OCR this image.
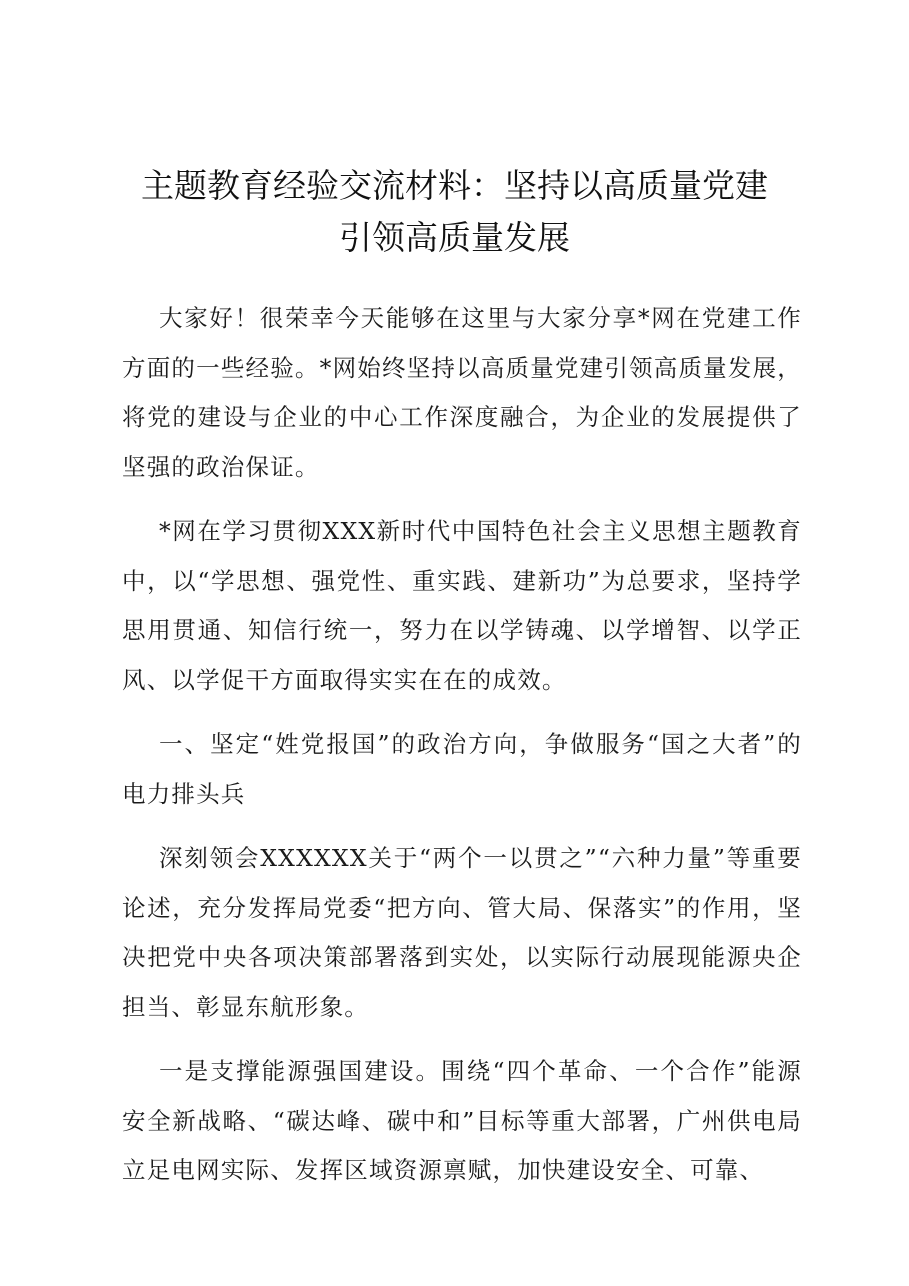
主题教育经验交流材料：坚持以高质量党建
引领高质量发展

大家好！很荣幸今天能够在这里与大家分享*网在党建工作方面的一些经验。*网始终坚持以高质量党建引领高质量发展，将党的建设与企业的中心工作深度融合，为企业的发展提供了坚强的政治保证。

*网在学习贯彻XXX新时代中国特色社会主义思想主题教育中，以“学思想、强党性、重实践、建新功”为总要求，坚持学思用贯通、知信行统一，努力在以学铸魂、以学增智、以学正风、以学促干方面取得实实在在的成效。

一、坚定“姓党报国”的政治方向，争做服务“国之大者”的电力排头兵

深刻领会XXXXXX关于“两个一以贯之”“六种力量”等重要论述，充分发挥局党委“把方向、管大局、保落实”的作用，坚决把党中央各项决策部署落到实处，以实际行动展现能源央企担当、彰显东航形象。

一是支撑能源强国建设。围绕“四个革命、一个合作”能源安全新战略、“碳达峰、碳中和”目标等重大部署，广州供电局立足电网实际、发挥区域资源禀赋，加快建设安全、可靠、
